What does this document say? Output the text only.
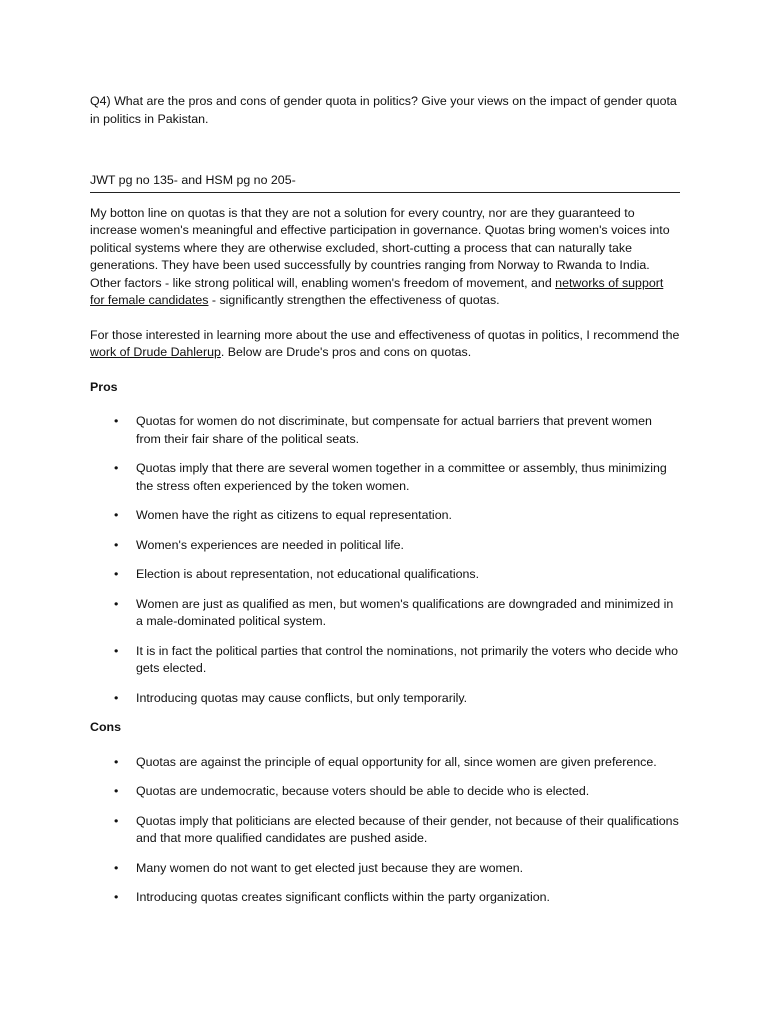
Q4) What are the pros and cons of gender quota in politics? Give your views on the impact of gender quota in politics in Pakistan.

JWT pg no 135- and HSM pg no 205-

My botton line on quotas is that they are not a solution for every country, nor are they guaranteed to increase women's meaningful and effective participation in governance. Quotas bring women's voices into political systems where they are otherwise excluded, short-cutting a process that can naturally take generations. They have been used successfully by countries ranging from Norway to Rwanda to India. Other factors - like strong political will, enabling women's freedom of movement, and networks of support for female candidates - significantly strengthen the effectiveness of quotas.

For those interested in learning more about the use and effectiveness of quotas in politics, I recommend the work of Drude Dahlerup. Below are Drude's pros and cons on quotas.

Pros

• Quotas for women do not discriminate, but compensate for actual barriers that prevent women from their fair share of the political seats.
• Quotas imply that there are several women together in a committee or assembly, thus minimizing the stress often experienced by the token women.
• Women have the right as citizens to equal representation.
• Women's experiences are needed in political life.
• Election is about representation, not educational qualifications.
• Women are just as qualified as men, but women's qualifications are downgraded and minimized in a male-dominated political system.
• It is in fact the political parties that control the nominations, not primarily the voters who decide who gets elected.
• Introducing quotas may cause conflicts, but only temporarily.

Cons

• Quotas are against the principle of equal opportunity for all, since women are given preference.
• Quotas are undemocratic, because voters should be able to decide who is elected.
• Quotas imply that politicians are elected because of their gender, not because of their qualifications and that more qualified candidates are pushed aside.
• Many women do not want to get elected just because they are women.
• Introducing quotas creates significant conflicts within the party organization.
